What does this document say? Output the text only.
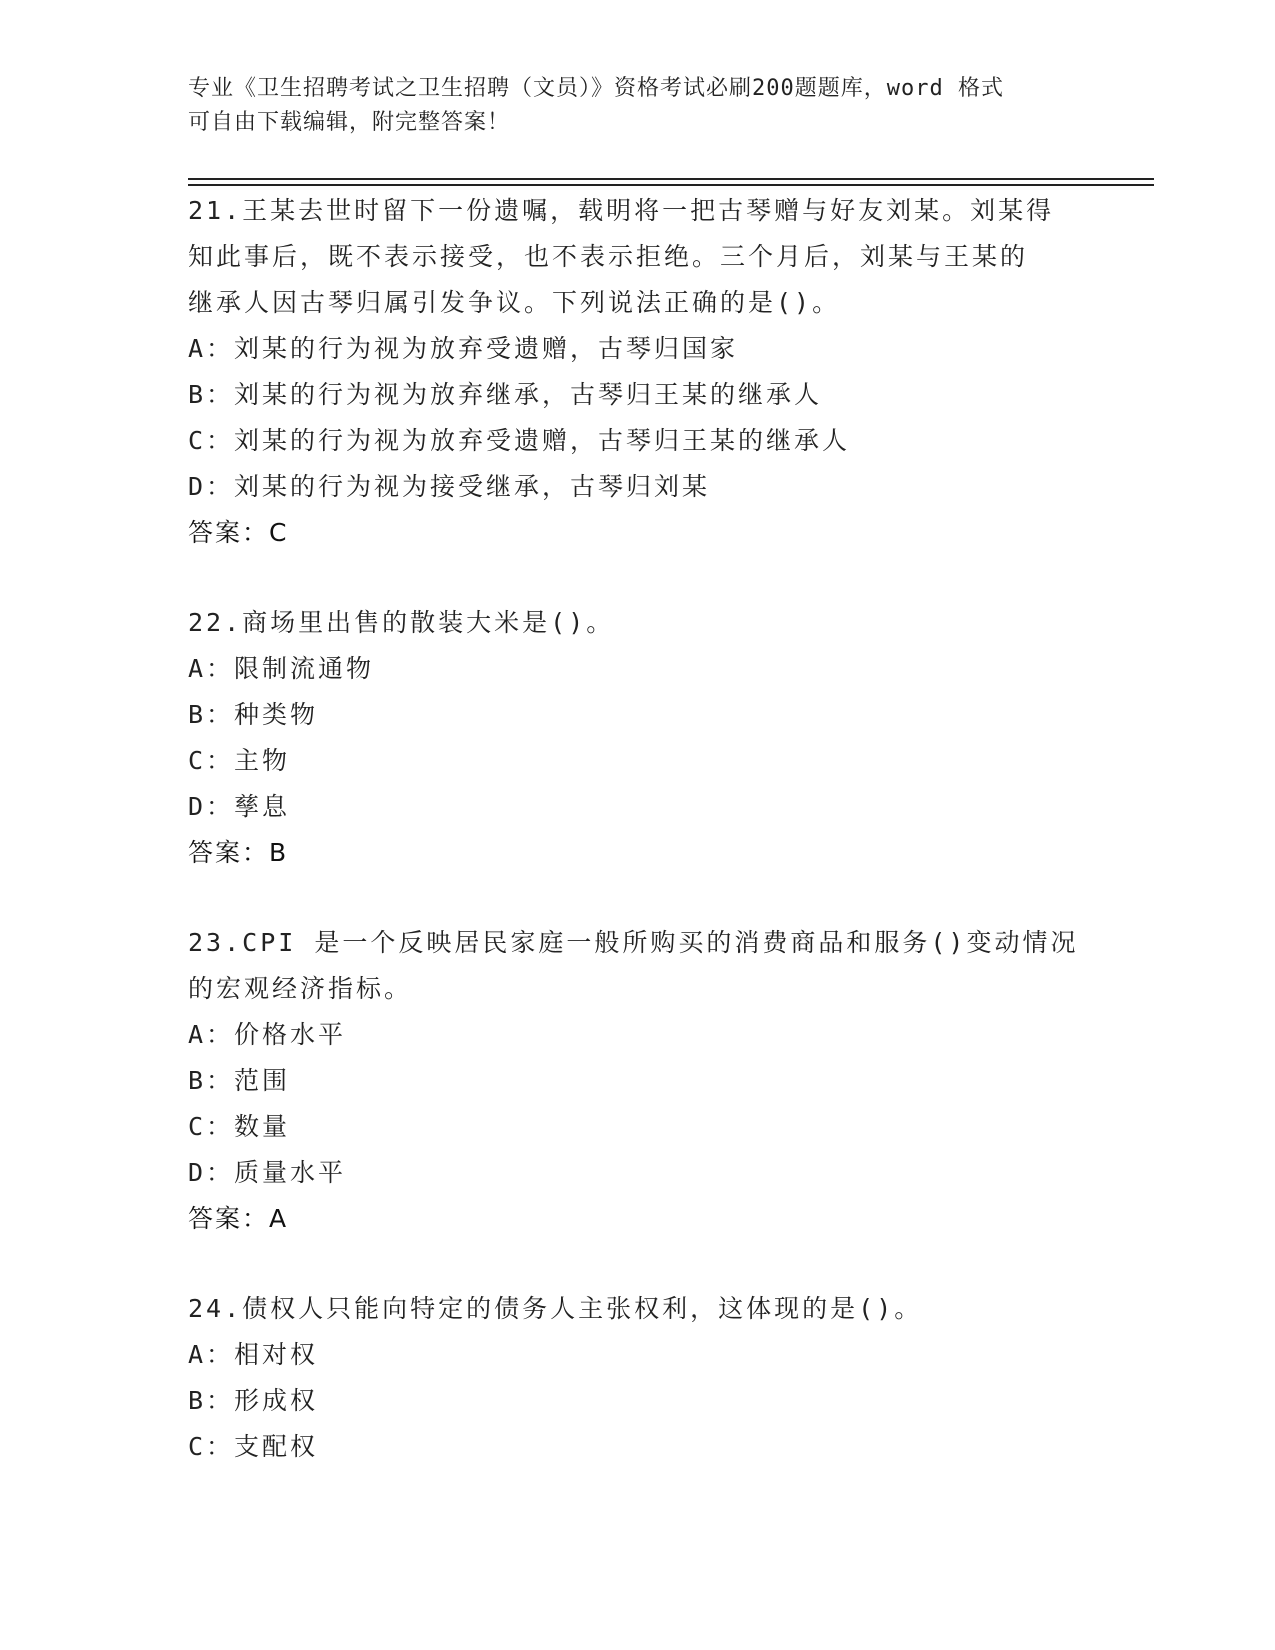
专业《卫生招聘考试之卫生招聘（文员）》资格考试必刷200题题库，word 格式
可自由下载编辑，附完整答案！
21.王某去世时留下一份遗嘱，载明将一把古琴赠与好友刘某。刘某得
知此事后，既不表示接受，也不表示拒绝。三个月后，刘某与王某的
继承人因古琴归属引发争议。下列说法正确的是()。
A：刘某的行为视为放弃受遗赠，古琴归国家
B：刘某的行为视为放弃继承，古琴归王某的继承人
C：刘某的行为视为放弃受遗赠，古琴归王某的继承人
D：刘某的行为视为接受继承，古琴归刘某
答案：C
22.商场里出售的散装大米是()。
A：限制流通物
B：种类物
C：主物
D：孳息
答案：B
23.CPI 是一个反映居民家庭一般所购买的消费商品和服务()变动情况
的宏观经济指标。
A：价格水平
B：范围
C：数量
D：质量水平
答案：A
24.债权人只能向特定的债务人主张权利，这体现的是()。
A：相对权
B：形成权
C：支配权
